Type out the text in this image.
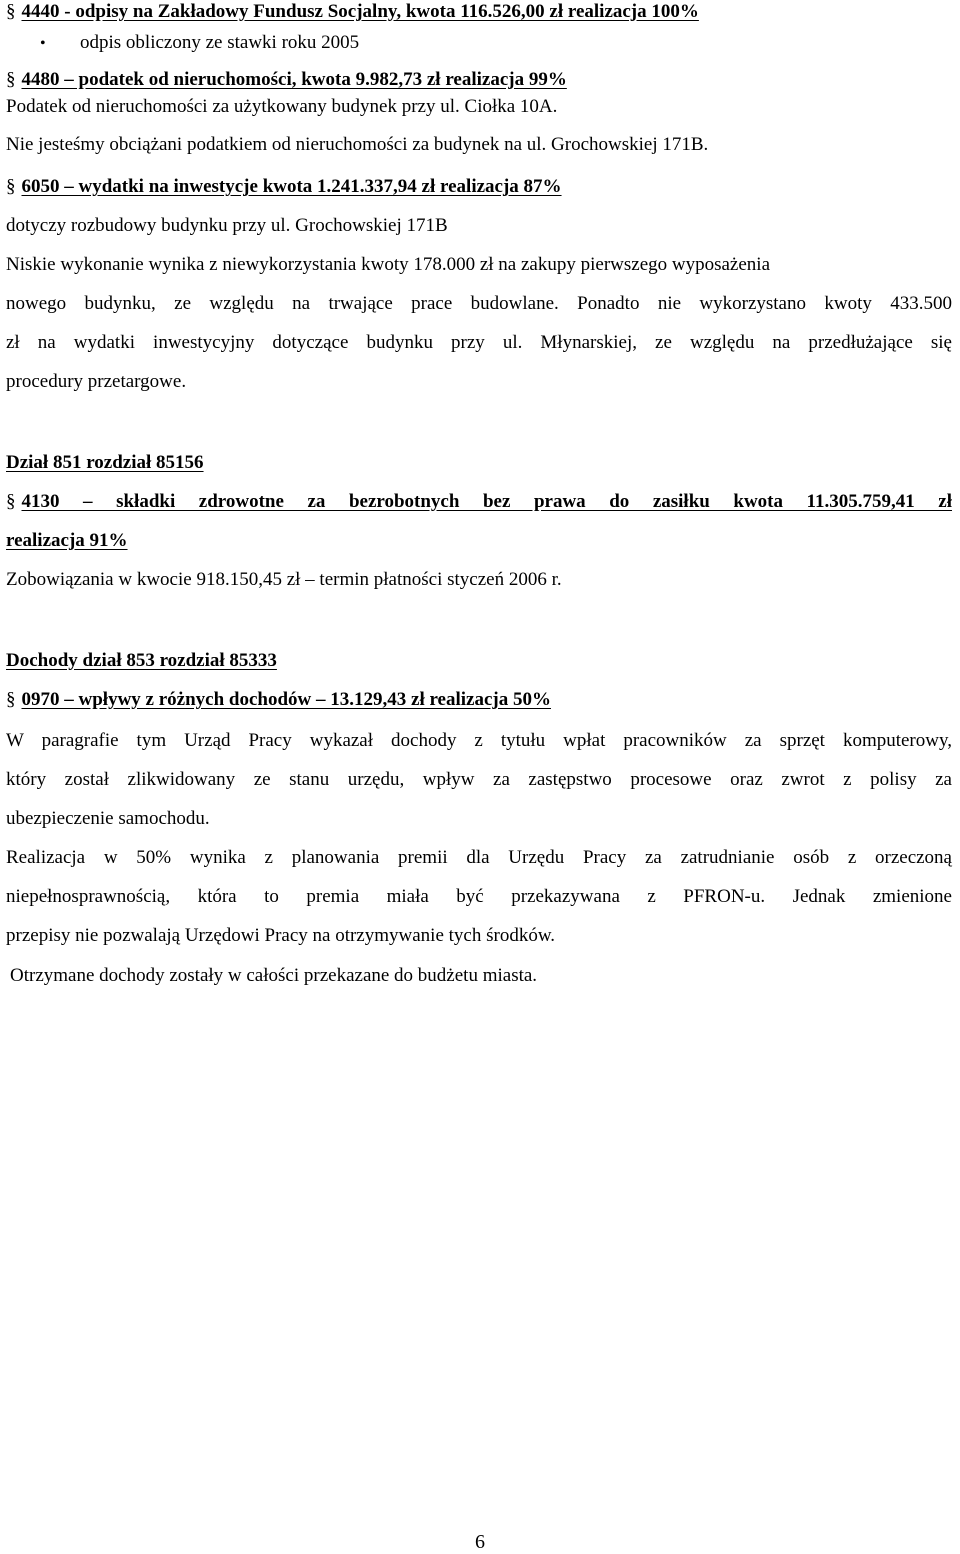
§ 4440 - odpisy na Zakładowy Fundusz Socjalny, kwota 116.526,00 zł realizacja 100%
• odpis obliczony ze stawki roku 2005
§ 4480 – podatek od nieruchomości, kwota 9.982,73 zł realizacja 99%
Podatek od nieruchomości za użytkowany budynek przy ul. Ciołka 10A.
Nie jesteśmy obciążani podatkiem od nieruchomości za budynek na ul. Grochowskiej 171B.
§ 6050 – wydatki na inwestycje kwota 1.241.337,94 zł realizacja 87%
dotyczy rozbudowy budynku przy ul. Grochowskiej 171B
Niskie wykonanie wynika z niewykorzystania kwoty 178.000 zł na zakupy pierwszego wyposażenia
nowego budynku, ze względu na trwające prace budowlane. Ponadto nie wykorzystano kwoty 433.500
zł na wydatki inwestycyjny dotyczące budynku przy ul. Młynarskiej, ze względu na przedłużające się
procedury przetargowe.
Dział 851 rozdział 85156
§ 4130 – składki zdrowotne za bezrobotnych bez prawa do zasiłku kwota 11.305.759,41 zł
realizacja 91%
Zobowiązania w kwocie 918.150,45 zł – termin płatności styczeń 2006 r.
Dochody dział 853 rozdział 85333
§ 0970 – wpływy z różnych dochodów – 13.129,43 zł realizacja 50%
W paragrafie tym Urząd Pracy wykazał dochody z tytułu wpłat pracowników za sprzęt komputerowy,
który został zlikwidowany ze stanu urzędu, wpływ za zastępstwo procesowe oraz zwrot z polisy za
ubezpieczenie samochodu.
Realizacja w 50% wynika z planowania premii dla Urzędu Pracy za zatrudnianie osób z orzeczoną
niepełnosprawnością, która to premia miała być przekazywana z PFRON-u. Jednak zmienione
przepisy nie pozwalają Urzędowi Pracy na otrzymywanie tych środków.
Otrzymane dochody zostały w całości przekazane do budżetu miasta.
6
